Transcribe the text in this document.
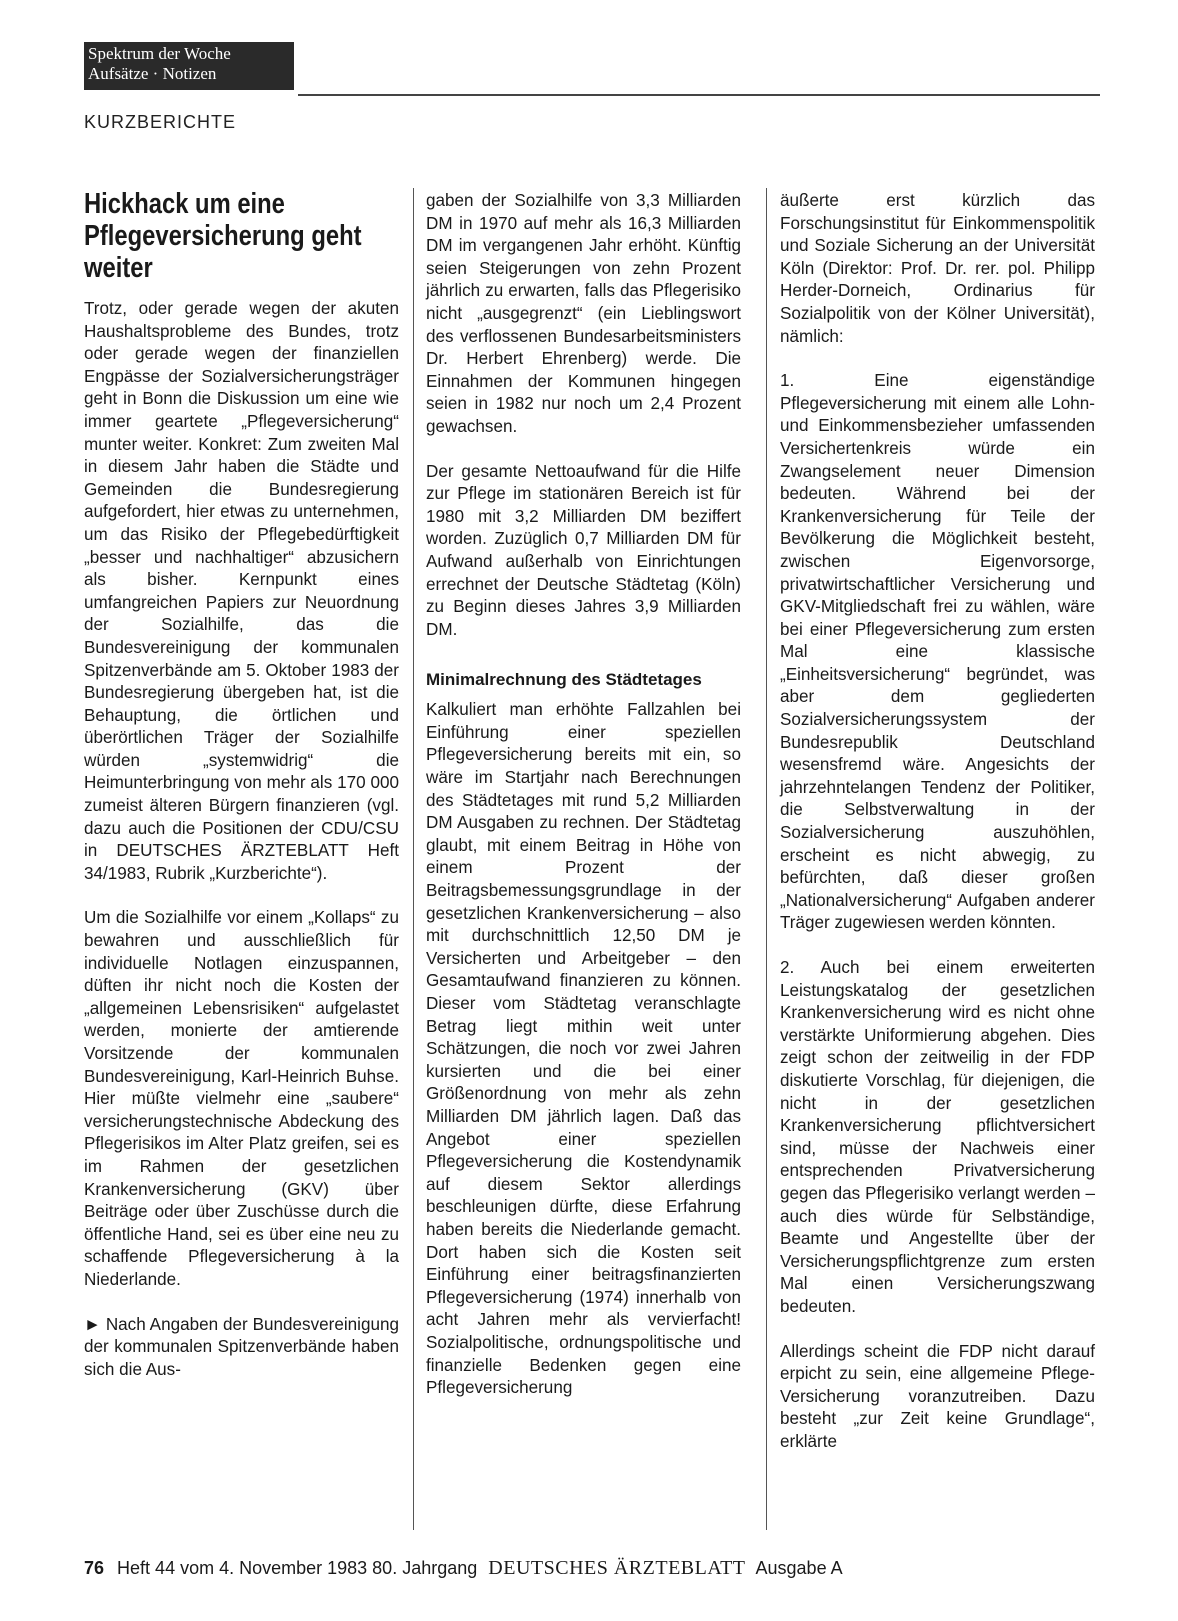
Spektrum der Woche
Aufsätze · Notizen
KURZBERICHTE
Hickhack um eine Pflegeversicherung geht weiter

Trotz, oder gerade wegen der akuten Haushaltsprobleme des Bundes, trotz oder gerade wegen der finanziellen Engpässe der Sozialversicherungsträger geht in Bonn die Diskussion um eine wie immer geartete „Pflegeversicherung“ munter weiter. Konkret: Zum zweiten Mal in diesem Jahr haben die Städte und Gemeinden die Bundesregierung aufgefordert, hier etwas zu unternehmen, um das Risiko der Pflegebedürftigkeit „besser und nachhaltiger“ abzusichern als bisher. Kernpunkt eines umfangreichen Papiers zur Neuordnung der Sozialhilfe, das die Bundesvereinigung der kommunalen Spitzenverbände am 5. Oktober 1983 der Bundesregierung übergeben hat, ist die Behauptung, die örtlichen und überörtlichen Träger der Sozialhilfe würden „systemwidrig“ die Heimunterbringung von mehr als 170 000 zumeist älteren Bürgern finanzieren (vgl. dazu auch die Positionen der CDU/CSU in DEUTSCHES ÄRZTEBLATT Heft 34/1983, Rubrik „Kurzberichte“).

Um die Sozialhilfe vor einem „Kollaps“ zu bewahren und ausschließlich für individuelle Notlagen einzuspannen, düften ihr nicht noch die Kosten der „allgemeinen Lebensrisiken“ aufgelastet werden, monierte der amtierende Vorsitzende der kommunalen Bundesvereinigung, Karl-Heinrich Buhse. Hier müßte vielmehr eine „saubere“ versicherungstechnische Abdeckung des Pflegerisikos im Alter Platz greifen, sei es im Rahmen der gesetzlichen Krankenversicherung (GKV) über Beiträge oder über Zuschüsse durch die öffentliche Hand, sei es über eine neu zu schaffende Pflegeversicherung à la Niederlande.

► Nach Angaben der Bundesvereinigung der kommunalen Spitzenverbände haben sich die Aus-

gaben der Sozialhilfe von 3,3 Milliarden DM in 1970 auf mehr als 16,3 Milliarden DM im vergangenen Jahr erhöht. Künftig seien Steigerungen von zehn Prozent jährlich zu erwarten, falls das Pflegerisiko nicht „ausgegrenzt“ (ein Lieblingswort des verflossenen Bundesarbeitsministers Dr. Herbert Ehrenberg) werde. Die Einnahmen der Kommunen hingegen seien in 1982 nur noch um 2,4 Prozent gewachsen.

Der gesamte Nettoaufwand für die Hilfe zur Pflege im stationären Bereich ist für 1980 mit 3,2 Milliarden DM beziffert worden. Zuzüglich 0,7 Milliarden DM für Aufwand außerhalb von Einrichtungen errechnet der Deutsche Städtetag (Köln) zu Beginn dieses Jahres 3,9 Milliarden DM.

Minimalrechnung des Städtetages

Kalkuliert man erhöhte Fallzahlen bei Einführung einer speziellen Pflegeversicherung bereits mit ein, so wäre im Startjahr nach Berechnungen des Städtetages mit rund 5,2 Milliarden DM Ausgaben zu rechnen. Der Städtetag glaubt, mit einem Beitrag in Höhe von einem Prozent der Beitragsbemessungsgrundlage in der gesetzlichen Krankenversicherung – also mit durchschnittlich 12,50 DM je Versicherten und Arbeitgeber – den Gesamtaufwand finanzieren zu können. Dieser vom Städtetag veranschlagte Betrag liegt mithin weit unter Schätzungen, die noch vor zwei Jahren kursierten und die bei einer Größenordnung von mehr als zehn Milliarden DM jährlich lagen. Daß das Angebot einer speziellen Pflegeversicherung die Kostendynamik auf diesem Sektor allerdings beschleunigen dürfte, diese Erfahrung haben bereits die Niederlande gemacht. Dort haben sich die Kosten seit Einführung einer beitragsfinanzierten Pflegeversicherung (1974) innerhalb von acht Jahren mehr als vervierfacht! Sozialpolitische, ordnungspolitische und finanzielle Bedenken gegen eine Pflegeversicherung

äußerte erst kürzlich das Forschungsinstitut für Einkommenspolitik und Soziale Sicherung an der Universität Köln (Direktor: Prof. Dr. rer. pol. Philipp Herder-Dorneich, Ordinarius für Sozialpolitik von der Kölner Universität), nämlich:

1. Eine eigenständige Pflegeversicherung mit einem alle Lohn- und Einkommensbezieher umfassenden Versichertenkreis würde ein Zwangselement neuer Dimension bedeuten. Während bei der Krankenversicherung für Teile der Bevölkerung die Möglichkeit besteht, zwischen Eigenvorsorge, privatwirtschaftlicher Versicherung und GKV-Mitgliedschaft frei zu wählen, wäre bei einer Pflegeversicherung zum ersten Mal eine klassische „Einheitsversicherung“ begründet, was aber dem gegliederten Sozialversicherungssystem der Bundesrepublik Deutschland wesensfremd wäre. Angesichts der jahrzehntelangen Tendenz der Politiker, die Selbstverwaltung in der Sozialversicherung auszuhöhlen, erscheint es nicht abwegig, zu befürchten, daß dieser großen „Nationalversicherung“ Aufgaben anderer Träger zugewiesen werden könnten.

2. Auch bei einem erweiterten Leistungskatalog der gesetzlichen Krankenversicherung wird es nicht ohne verstärkte Uniformierung abgehen. Dies zeigt schon der zeitweilig in der FDP diskutierte Vorschlag, für diejenigen, die nicht in der gesetzlichen Krankenversicherung pflichtversichert sind, müsse der Nachweis einer entsprechenden Privatversicherung gegen das Pflegerisiko verlangt werden – auch dies würde für Selbständige, Beamte und Angestellte über der Versicherungspflichtgrenze zum ersten Mal einen Versicherungszwang bedeuten.

Allerdings scheint die FDP nicht darauf erpicht zu sein, eine allgemeine Pflege-Versicherung voranzutreiben. Dazu besteht „zur Zeit keine Grundlage“, erklärte

76 Heft 44 vom 4. November 1983 80. Jahrgang DEUTSCHES ÄRZTEBLATT Ausgabe A
